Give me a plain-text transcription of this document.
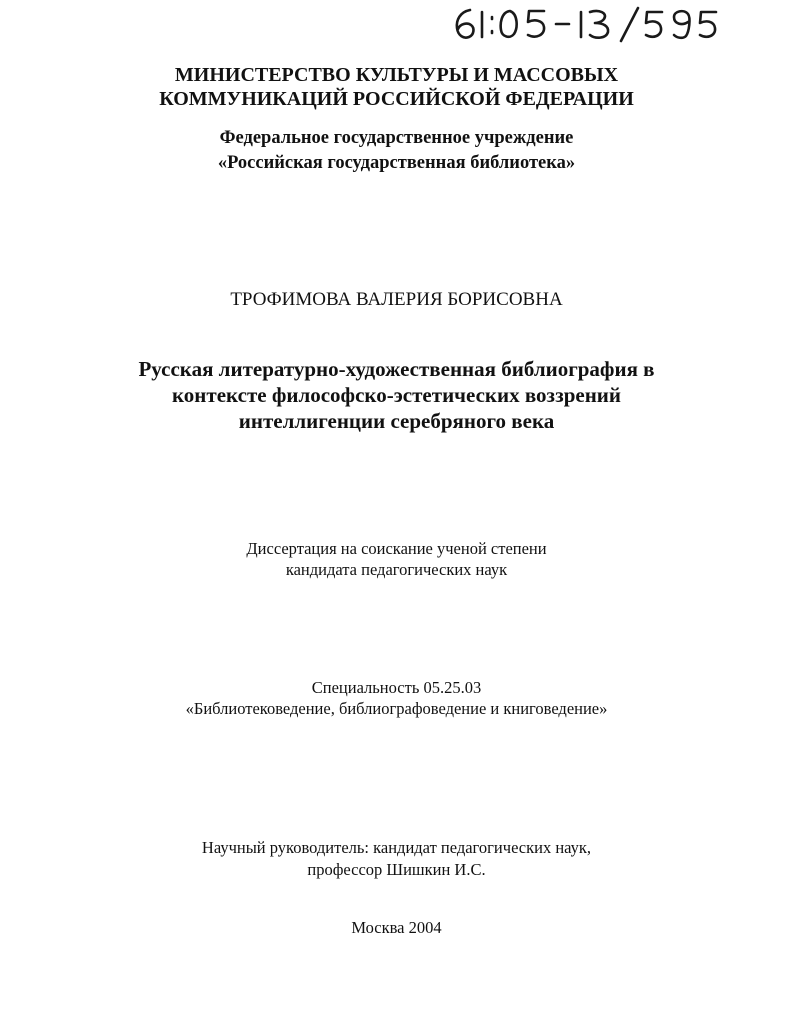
МИНИСТЕРСТВО КУЛЬТУРЫ И МАССОВЫХ
КОММУНИКАЦИЙ РОССИЙСКОЙ ФЕДЕРАЦИИ
Федеральное государственное учреждение
«Российская государственная библиотека»
ТРОФИМОВА ВАЛЕРИЯ БОРИСОВНА
Русская литературно-художественная библиография в
контексте философско-эстетических воззрений
интеллигенции серебряного века
Диссертация на соискание ученой степени
кандидата педагогических наук
Специальность 05.25.03
«Библиотековедение, библиографоведение и книговедение»
Научный руководитель: кандидат педагогических наук,
профессор Шишкин И.С.
Москва 2004
